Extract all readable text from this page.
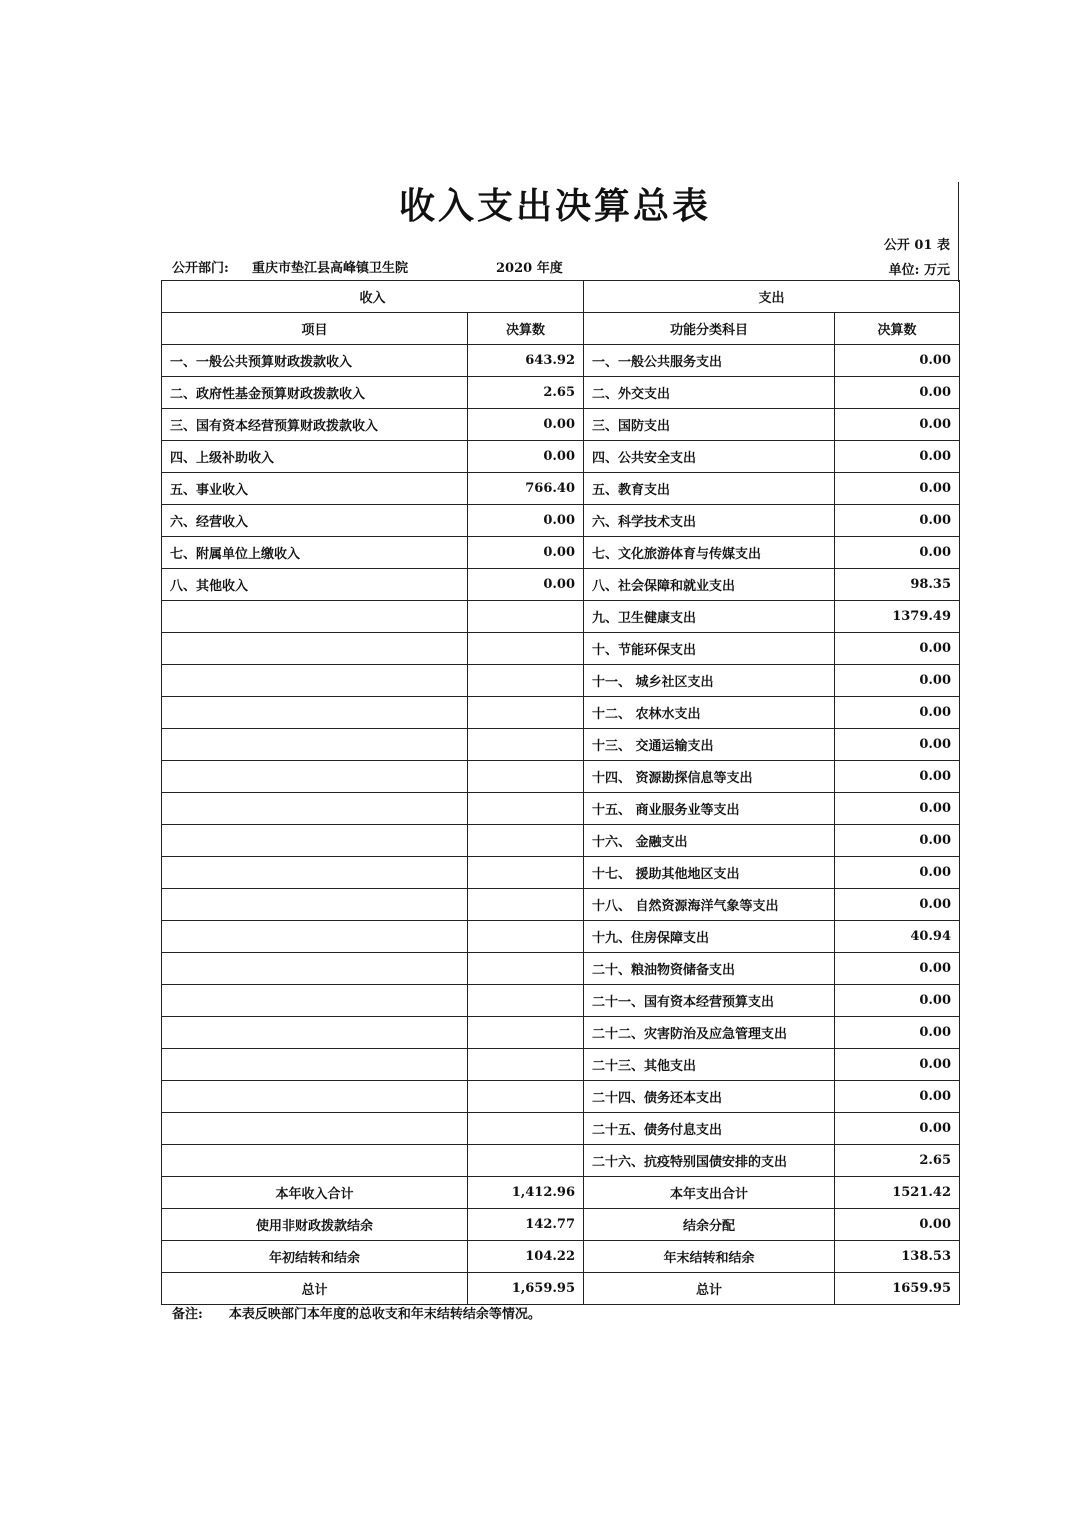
收入支出决算总表
公开 01 表
公开部门: 重庆市垫江县高峰镇卫生院	2020 年度	单位: 万元
收入		支出	
项目	决算数	功能分类科目	决算数
一、一般公共预算财政拨款收入	643.92	一、一般公共服务支出	0.00
二、政府性基金预算财政拨款收入	2.65	二、外交支出	0.00
三、国有资本经营预算财政拨款收入	0.00	三、国防支出	0.00
四、上级补助收入	0.00	四、公共安全支出	0.00
五、事业收入	766.40	五、教育支出	0.00
六、经营收入	0.00	六、科学技术支出	0.00
七、附属单位上缴收入	0.00	七、文化旅游体育与传媒支出	0.00
八、其他收入	0.00	八、社会保障和就业支出	98.35
		九、卫生健康支出	1379.49
		十、节能环保支出	0.00
		十一、 城乡社区支出	0.00
		十二、 农林水支出	0.00
		十三、 交通运输支出	0.00
		十四、 资源勘探信息等支出	0.00
		十五、 商业服务业等支出	0.00
		十六、 金融支出	0.00
		十七、 援助其他地区支出	0.00
		十八、 自然资源海洋气象等支出	0.00
		十九、住房保障支出	40.94
		二十、粮油物资储备支出	0.00
		二十一、国有资本经营预算支出	0.00
		二十二、灾害防治及应急管理支出	0.00
		二十三、其他支出	0.00
		二十四、债务还本支出	0.00
		二十五、债务付息支出	0.00
		二十六、抗疫特别国债安排的支出	2.65
本年收入合计	1,412.96	本年支出合计	1521.42
使用非财政拨款结余	142.77	结余分配	0.00
年初结转和结余	104.22	年末结转和结余	138.53
总计	1,659.95	总计	1659.95
备注: 本表反映部门本年度的总收支和年末结转结余等情况。
